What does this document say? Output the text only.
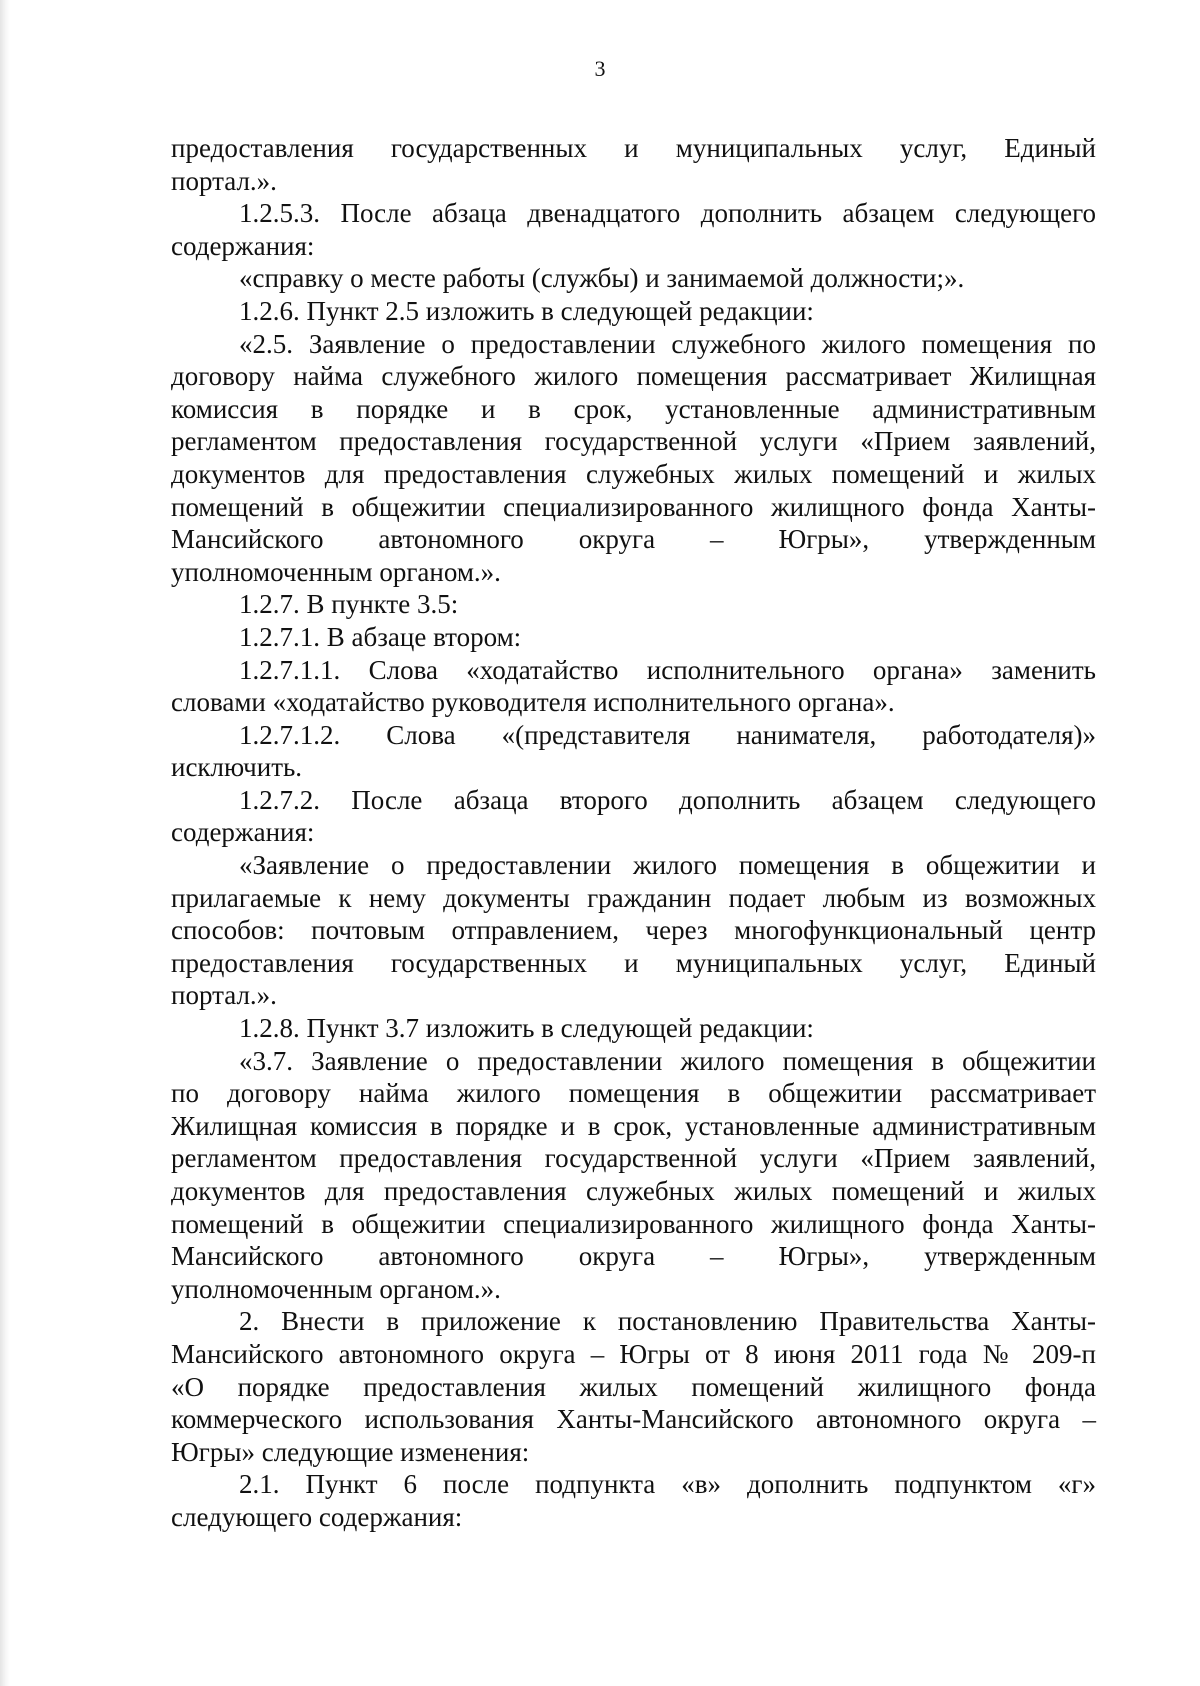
3
предоставления государственных и муниципальных услуг, Единый
портал.».
1.2.5.3. После абзаца двенадцатого дополнить абзацем следующего
содержания:
«справку о месте работы (службы) и занимаемой должности;».
1.2.6. Пункт 2.5 изложить в следующей редакции:
«2.5. Заявление о предоставлении служебного жилого помещения по
договору найма служебного жилого помещения рассматривает Жилищная
комиссия в порядке и в срок, установленные административным
регламентом предоставления государственной услуги «Прием заявлений,
документов для предоставления служебных жилых помещений и жилых
помещений в общежитии специализированного жилищного фонда Ханты-
Мансийского автономного округа – Югры», утвержденным
уполномоченным органом.».
1.2.7. В пункте 3.5:
1.2.7.1. В абзаце втором:
1.2.7.1.1. Слова «ходатайство исполнительного органа» заменить
словами «ходатайство руководителя исполнительного органа».
1.2.7.1.2. Слова «(представителя нанимателя, работодателя)»
исключить.
1.2.7.2. После абзаца второго дополнить абзацем следующего
содержания:
«Заявление о предоставлении жилого помещения в общежитии и
прилагаемые к нему документы гражданин подает любым из возможных
способов: почтовым отправлением, через многофункциональный центр
предоставления государственных и муниципальных услуг, Единый
портал.».
1.2.8. Пункт 3.7 изложить в следующей редакции:
«3.7. Заявление о предоставлении жилого помещения в общежитии
по договору найма жилого помещения в общежитии рассматривает
Жилищная комиссия в порядке и в срок, установленные административным
регламентом предоставления государственной услуги «Прием заявлений,
документов для предоставления служебных жилых помещений и жилых
помещений в общежитии специализированного жилищного фонда Ханты-
Мансийского автономного округа – Югры», утвержденным
уполномоченным органом.».
2. Внести в приложение к постановлению Правительства Ханты-
Мансийского автономного округа – Югры от 8 июня 2011 года № 209-п
«О порядке предоставления жилых помещений жилищного фонда
коммерческого использования Ханты-Мансийского автономного округа –
Югры» следующие изменения:
2.1. Пункт 6 после подпункта «в» дополнить подпунктом «г»
следующего содержания:
